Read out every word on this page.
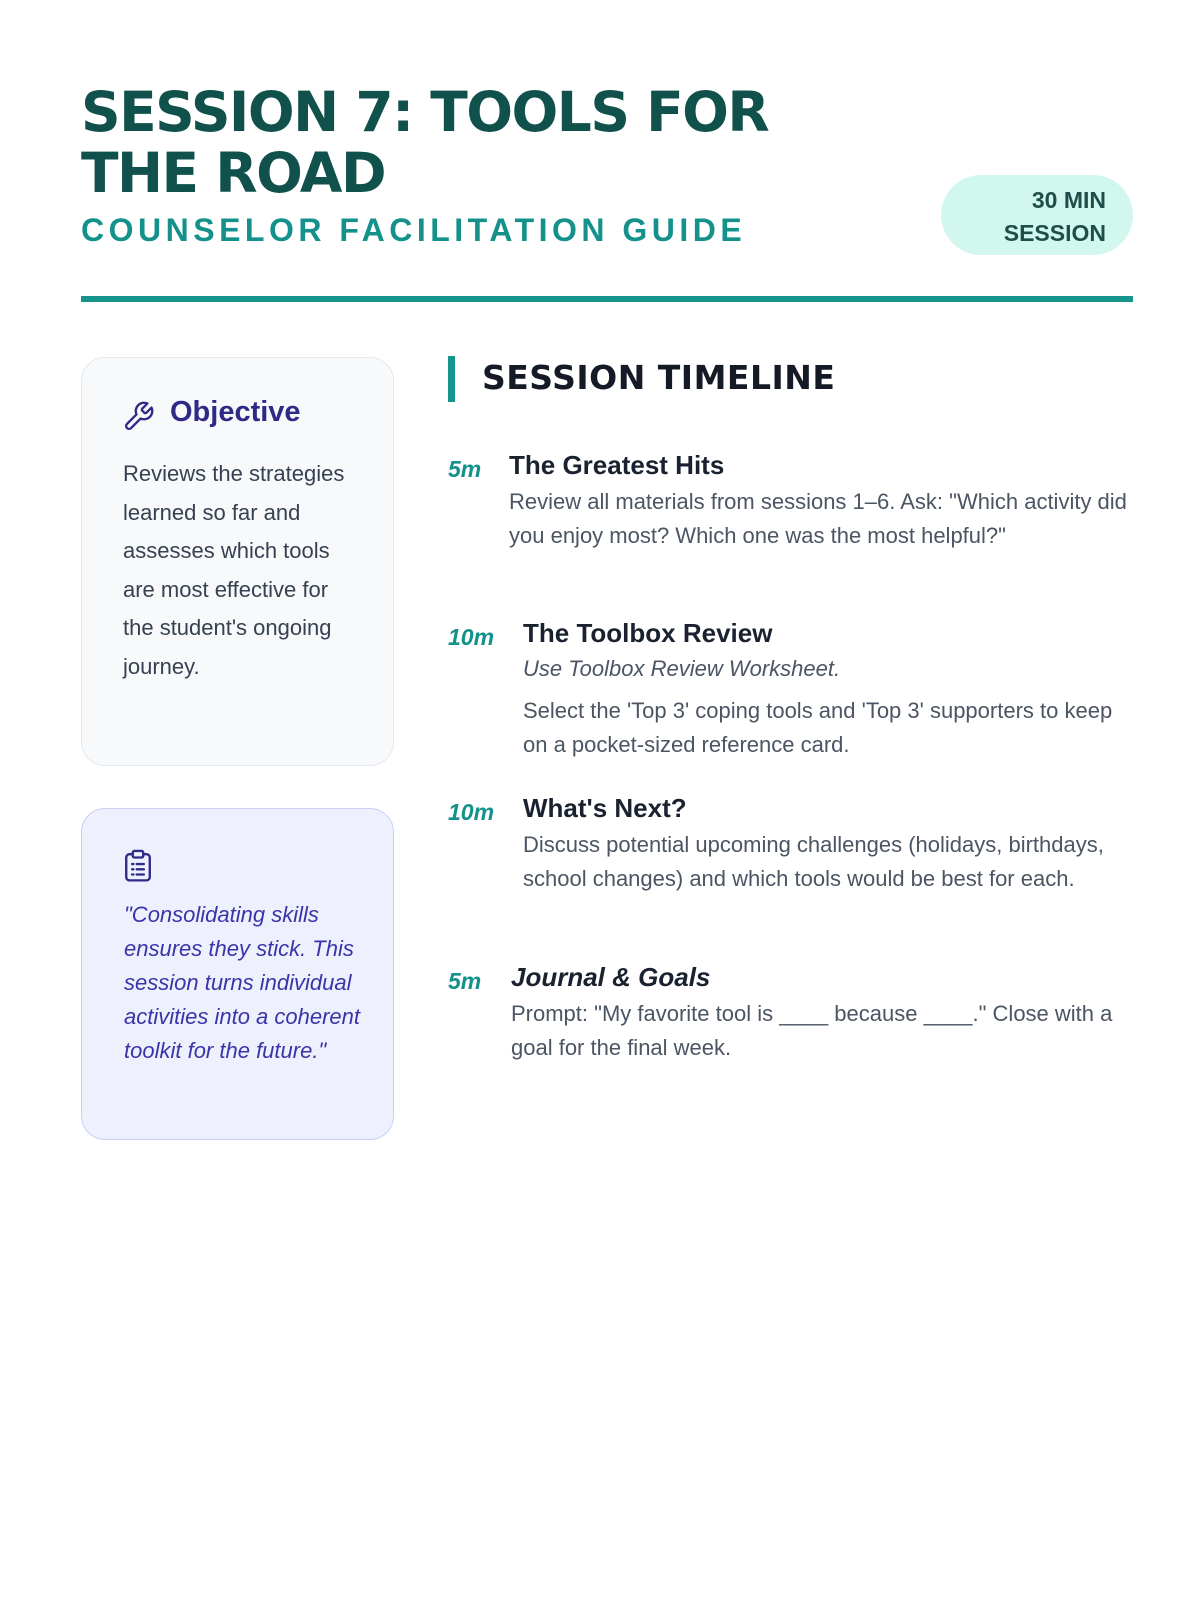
SESSION 7: TOOLS FOR THE ROAD
COUNSELOR FACILITATION GUIDE
30 MIN
SESSION
Objective

Reviews the strategies learned so far and assesses which tools are most effective for the student's ongoing journey.

"Consolidating skills ensures they stick. This session turns individual activities into a coherent toolkit for the future."

SESSION TIMELINE
5m The Greatest Hits

Review all materials from sessions 1–6. Ask: "Which activity did you enjoy most? Which one was the most helpful?"

10m The Toolbox Review

Use Toolbox Review Worksheet.

Select the 'Top 3' coping tools and 'Top 3' supporters to keep on a pocket-sized reference card.

10m What's Next?

Discuss potential upcoming challenges (holidays, birthdays, school changes) and which tools would be best for each.

5m Journal & Goals

Prompt: "My favorite tool is ____ because ____." Close with a goal for the final week.
